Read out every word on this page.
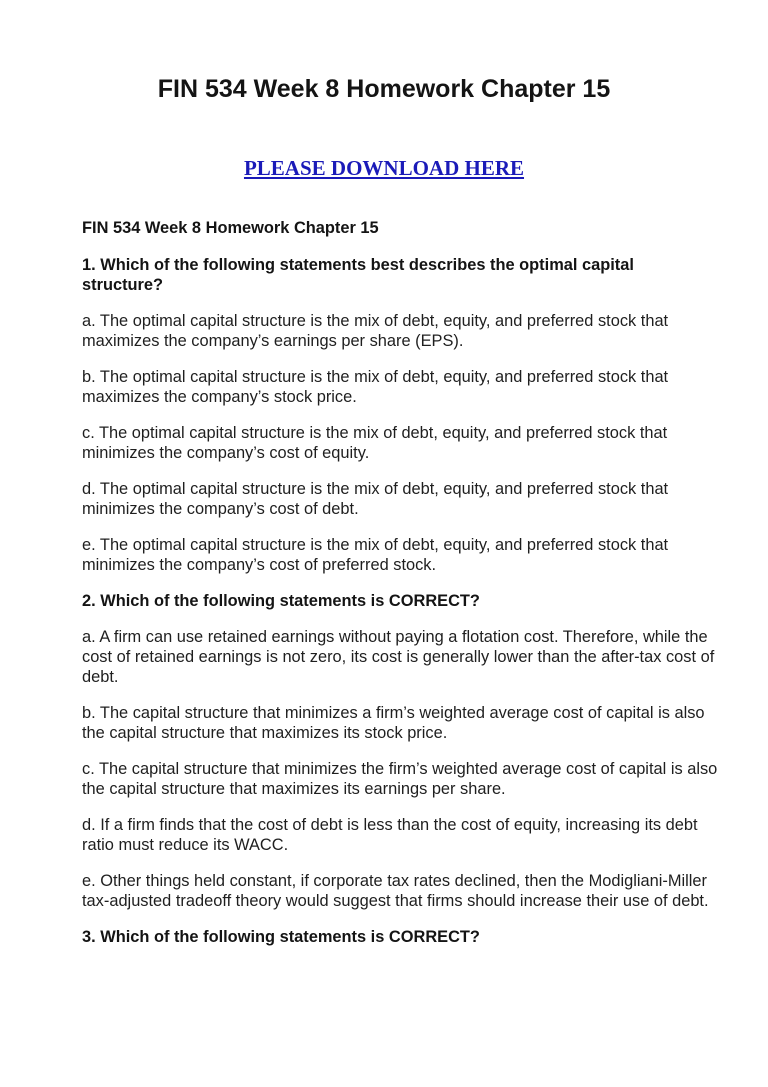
FIN 534 Week 8 Homework Chapter 15
PLEASE DOWNLOAD HERE

FIN 534 Week 8 Homework Chapter 15

1. Which of the following statements best describes the optimal capital structure?

a. The optimal capital structure is the mix of debt, equity, and preferred stock that maximizes the company’s earnings per share (EPS).

b. The optimal capital structure is the mix of debt, equity, and preferred stock that maximizes the company’s stock price.

c. The optimal capital structure is the mix of debt, equity, and preferred stock that minimizes the company’s cost of equity.

d. The optimal capital structure is the mix of debt, equity, and preferred stock that minimizes the company’s cost of debt.

e. The optimal capital structure is the mix of debt, equity, and preferred stock that minimizes the company’s cost of preferred stock.

2. Which of the following statements is CORRECT?

a. A firm can use retained earnings without paying a flotation cost. Therefore, while the cost of retained earnings is not zero, its cost is generally lower than the after-tax cost of debt.

b. The capital structure that minimizes a firm’s weighted average cost of capital is also the capital structure that maximizes its stock price.

c. The capital structure that minimizes the firm’s weighted average cost of capital is also the capital structure that maximizes its earnings per share.

d. If a firm finds that the cost of debt is less than the cost of equity, increasing its debt ratio must reduce its WACC.

e. Other things held constant, if corporate tax rates declined, then the Modigliani-Miller tax-adjusted tradeoff theory would suggest that firms should increase their use of debt.

3. Which of the following statements is CORRECT?
